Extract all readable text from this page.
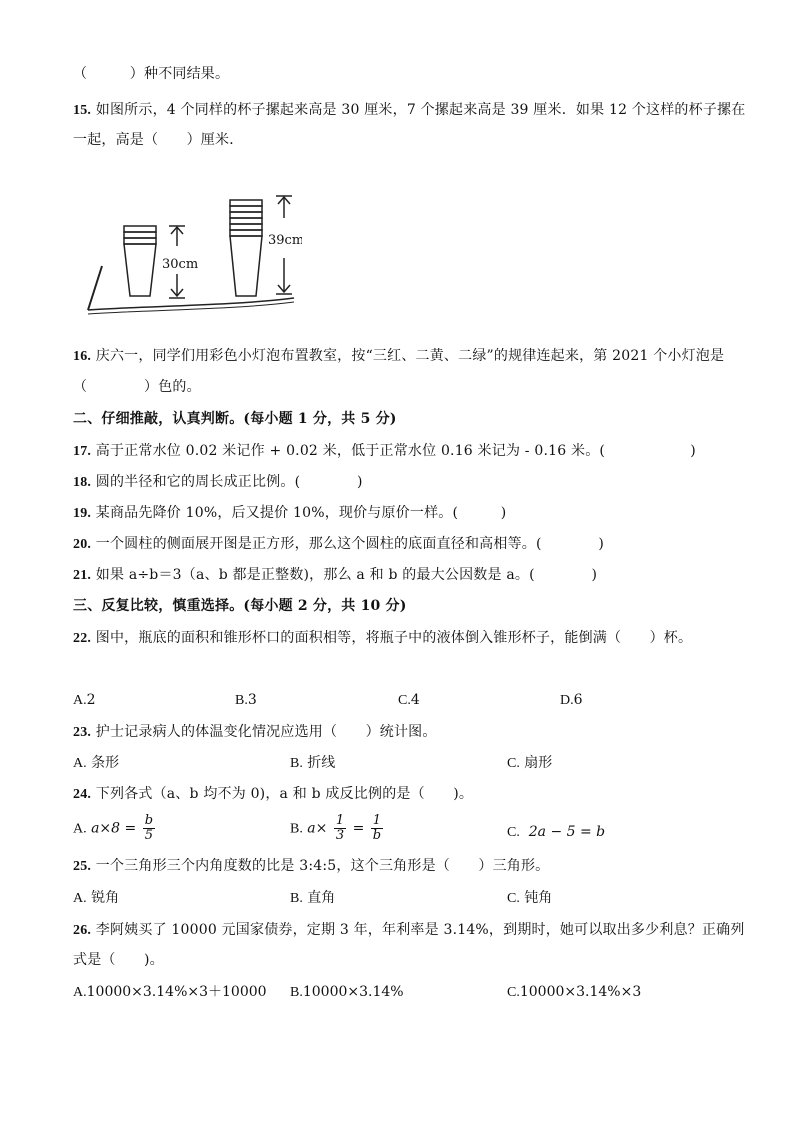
（　　　）种不同结果。
15. 如图所示，4 个同样的杯子摞起来高是 30 厘米，7 个摞起来高是 39 厘米．如果 12 个这样的杯子摞在
一起，高是（　　）厘米．
30cm
39cm
16. 庆六一，同学们用彩色小灯泡布置教室，按“三红、二黄、二绿”的规律连起来，第 2021 个小灯泡是
（　　　　）色的。
二、仔细推敲，认真判断。(每小题 1 分，共 5 分)
17. 高于正常水位 0.02 米记作 + 0.02 米，低于正常水位 0.16 米记为 - 0.16 米。(　　　　　　)
18. 圆的半径和它的周长成正比例。(　　　　)
19. 某商品先降价 10%，后又提价 10%，现价与原价一样。(　　　)
20. 一个圆柱的侧面展开图是正方形，那么这个圆柱的底面直径和高相等。(　　　　)
21. 如果 a÷b＝3（a、b 都是正整数)，那么 a 和 b 的最大公因数是 a。(　　　　)
三、反复比较，慎重选择。(每小题 2 分，共 10 分)
22. 图中，瓶底的面积和锥形杯口的面积相等，将瓶子中的液体倒入锥形杯子，能倒满（　　）杯。
A.2	B.3	C.4	D.6
23. 护士记录病人的体温变化情况应选用（　　）统计图。
A. 条形	B. 折线	C. 扇形
24. 下列各式（a、b 均不为 0)，a 和 b 成反比例的是（　　)。
A. $a\times 8 = \frac{b}{5}$	B. $a\times \frac{1}{3} = \frac{1}{b}$	C. 2a − 5 = b
25. 一个三角形三个内角度数的比是 3:4:5，这个三角形是（　　）三角形。
A. 锐角	B. 直角	C. 钝角
26. 李阿姨买了 10000 元国家债券，定期 3 年，年利率是 3.14%，到期时，她可以取出多少利息？正确列
式是（　　)。
A.10000×3.14%×3＋10000 B.10000×3.14%	C.10000×3.14%×3
